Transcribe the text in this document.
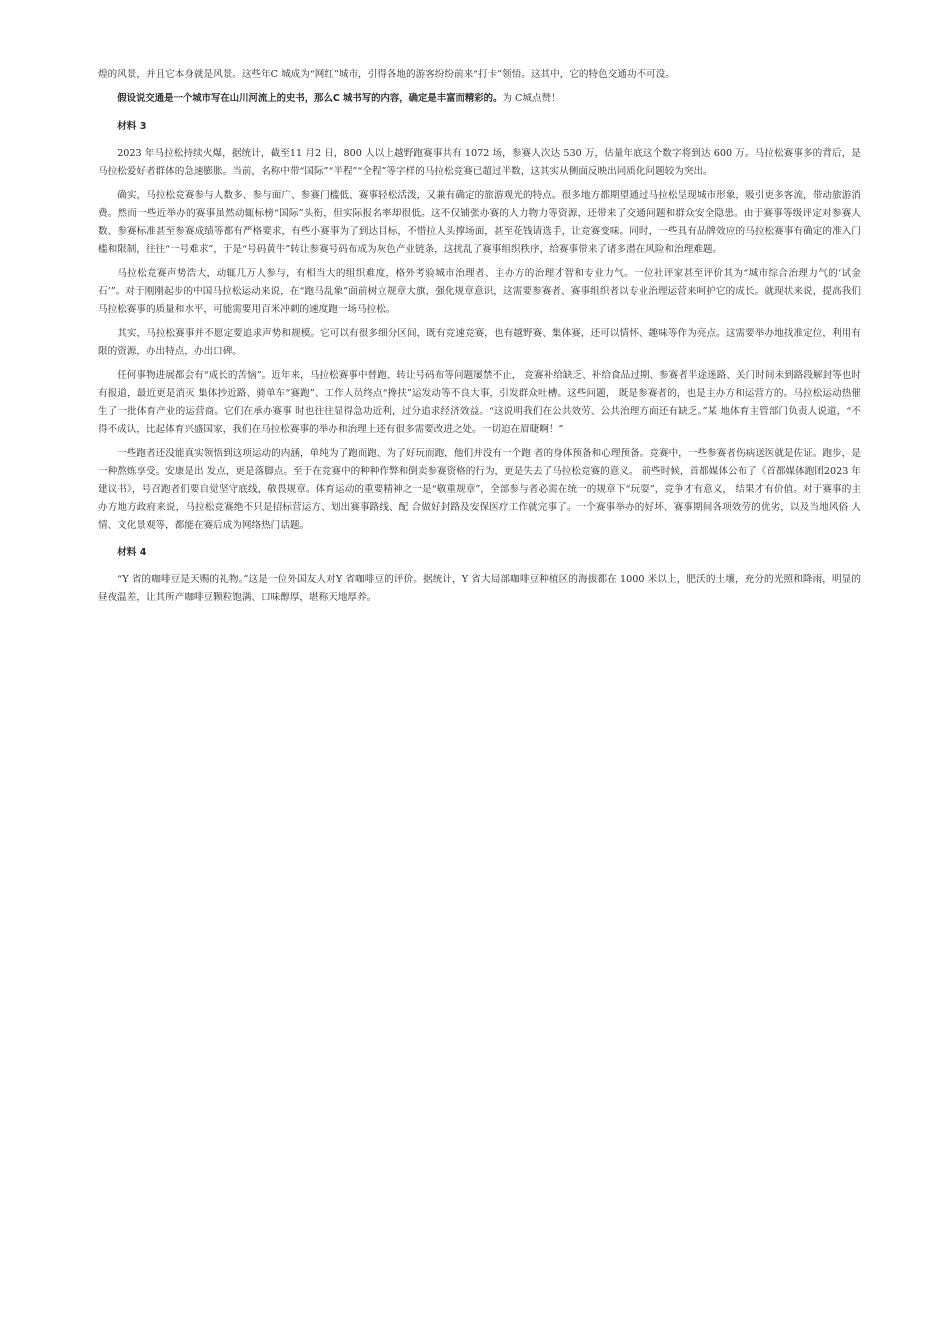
煌的风景，并且它本身就是风景。这些年C 城成为“网红”城市，引得各地的游客纷纷前来“打卡”领悟。这其中，它的特色交通功不可没。

假设说交通是一个城市写在山川河流上的史书，那么C 城书写的内容，确定是丰富而精彩的。为 C城点赞！

材料 3

2023 年马拉松持续火爆，据统计，截至11 月2 日，800 人以上越野跑赛事共有 1072 场，参赛人次达 530 万，估量年底这个数字将到达 600 万。马拉松赛事多的背后，是马拉松爱好者群体的急速膨胀。当前，名称中带“国际”“半程”“全程”等字样的马拉松竞赛已超过半数，这其实从侧面反映出同质化问题较为突出。

确实，马拉松竞赛参与人数多、参与面广、参赛门槛低、赛事轻松活泼，又兼有确定的旅游观光的特点。很多地方都期望通过马拉松呈现城市形象，吸引更多客流，带动旅游消费。然而一些近举办的赛事虽然动辄标榜“国际”头衔，但实际报名率却很低。这不仅铺张办赛的人力物力等资源，还带来了交通问题和群众安全隐患。由于赛事等级评定对参赛人数、参赛标准甚至参赛成绩等都有严格要求，有些小赛事为了到达目标，不惜拉人头撑场面，甚至花钱请选手，让竞赛变味。同时，一些具有品牌效应的马拉松赛事有确定的准入门槛和限制，往往“一号难求”，于是“号码黄牛”转让参赛号码布成为灰色产业链条，这扰乱了赛事组织秩序，给赛事带来了诸多潜在风险和治理难题。

马拉松竞赛声势浩大，动辄几万人参与，有相当大的组织难度，格外考验城市治理者、主办方的治理才智和专业力气。一位社评家甚至评价其为“城市综合治理力气的‘试金石’”。对于刚刚起步的中国马拉松运动来说，在“跑马乱象”面前树立规章大旗，强化规章意识，这需要参赛者、赛事组织者以专业治理运营来呵护它的成长。就现状来说，提高我们马拉松赛事的质量和水平，可能需要用百米冲刺的速度跑一场马拉松。

其实，马拉松赛事并不愿定要追求声势和规模。它可以有很多细分区间，既有竞速竞赛，也有越野赛、集体赛，还可以情怀、趣味等作为亮点。这需要举办地找准定位，利用有限的资源，办出特点，办出口碑。

任何事物进展都会有“成长的苦恼”。近年来，马拉松赛事中替跑、转让号码布等问题屡禁不止， 竞赛补给缺乏、补给食品过期、参赛者半途迷路、关门时间未到路段解封等也时有报道，最近更是消灭 集体抄近路、骑单车“赛跑”、工作人员终点“搀扶”运发动等不良大事，引发群众吐槽。这些问题， 既是参赛者的，也是主办方和运营方的。马拉松运动热催生了一批体育产业的运营商。它们在承办赛事 时也往往显得急功近利，过分追求经济效益。“这说明我们在公共效劳、公共治理方面还有缺乏。”某 地体育主管部门负责人说道，“不得不成认，比起体育兴盛国家，我们在马拉松赛事的举办和治理上还有很多需要改进之处。一切迫在眉睫啊！”

一些跑者还没能真实领悟到这项运动的内涵，单纯为了跑而跑、为了好玩而跑，他们并没有一个跑 者的身体预备和心理预备。竞赛中，一些参赛者伤病送医就是佐证。跑步，是一种熬炼享受。安康是出 发点，更是落脚点。至于在竞赛中的种种作弊和倒卖参赛资格的行为，更是失去了马拉松竞赛的意义。 前些时候，首都媒体公布了《首都媒体跑团2023 年建议书》，号召跑者们要自觉坚守底线，敬畏规章。体育运动的重要精神之一是“敬重规章”，全部参与者必需在统一的规章下“玩耍”，竞争才有意义， 结果才有价值。对于赛事的主办方地方政府来说，马拉松竞赛绝不只是招标营运方、划出赛事路线、配 合做好封路及安保医疗工作就完事了。一个赛事举办的好坏、赛事期间各项效劳的优劣，以及当地风俗 人情、文化景观等，都能在赛后成为网络热门话题。

材料 4

“Y 省的咖啡豆是天赐的礼物。”这是一位外国友人对Y 省咖啡豆的评价。据统计，Y 省大局部咖啡豆种植区的海拔都在 1000 米以上，肥沃的土壤，充分的光照和降雨，明显的昼夜温差，让其所产咖啡豆颗粒饱满、口味醇厚，堪称天地厚养。
